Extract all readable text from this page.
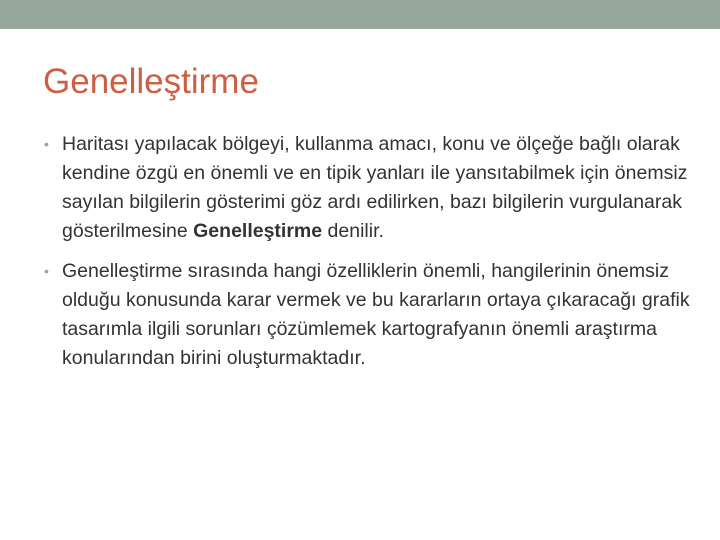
Genelleştirme
• Haritası yapılacak bölgeyi, kullanma amacı, konu ve ölçeğe bağlı olarak kendine özgü en önemli ve en tipik yanları ile yansıtabilmek için önemsiz sayılan bilgilerin gösterimi göz ardı edilirken, bazı bilgilerin vurgulanarak gösterilmesine Genelleştirme denilir.
• Genelleştirme sırasında hangi özelliklerin önemli, hangilerinin önemsiz olduğu konusunda karar vermek ve bu kararların ortaya çıkaracağı grafik tasarımla ilgili sorunları çözümlemek kartografyanın önemli araştırma konularından birini oluşturmaktadır.
